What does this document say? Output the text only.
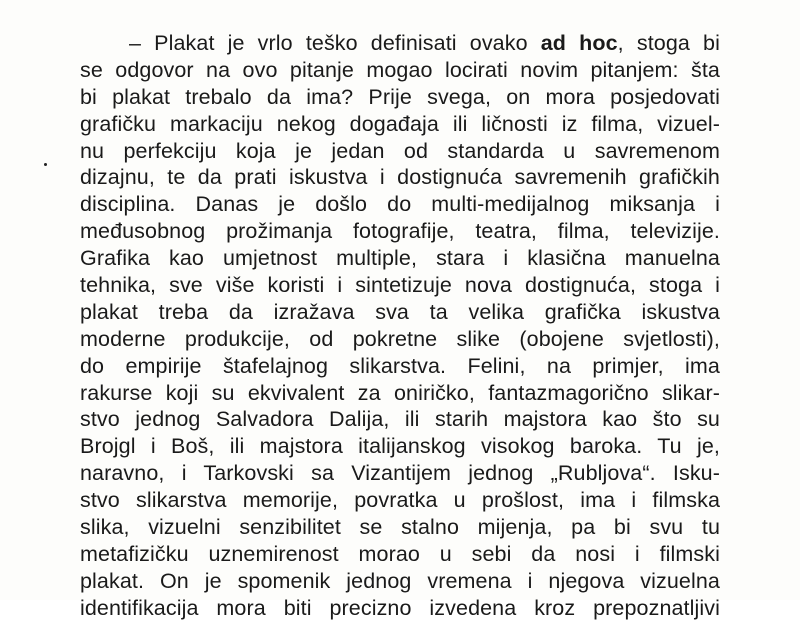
– Plakat je vrlo teško definisati ovako ad hoc, stoga bi
se odgovor na ovo pitanje mogao locirati novim pitanjem: šta
bi plakat trebalo da ima? Prije svega, on mora posjedovati
grafičku markaciju nekog događaja ili ličnosti iz filma, vizuel-
nu perfekciju koja je jedan od standarda u savremenom
dizajnu, te da prati iskustva i dostignuća savremenih grafičkih
disciplina. Danas je došlo do multi-medijalnog miksanja i
međusobnog prožimanja fotografije, teatra, filma, televizije.
Grafika kao umjetnost multiple, stara i klasična manuelna
tehnika, sve više koristi i sintetizuje nova dostignuća, stoga i
plakat treba da izražava sva ta velika grafička iskustva
moderne produkcije, od pokretne slike (obojene svjetlosti),
do empirije štafelajnog slikarstva. Felini, na primjer, ima
rakurse koji su ekvivalent za oniričko, fantazmagorično slikar-
stvo jednog Salvadora Dalija, ili starih majstora kao što su
Brojgl i Boš, ili majstora italijanskog visokog baroka. Tu je,
naravno, i Tarkovski sa Vizantijem jednog „Rubljova“. Isku-
stvo slikarstva memorije, povratka u prošlost, ima i filmska
slika, vizuelni senzibilitet se stalno mijenja, pa bi svu tu
metafizičku uznemirenost morao u sebi da nosi i filmski
plakat. On je spomenik jednog vremena i njegova vizuelna
identifikacija mora biti precizno izvedena kroz prepoznatljivi
